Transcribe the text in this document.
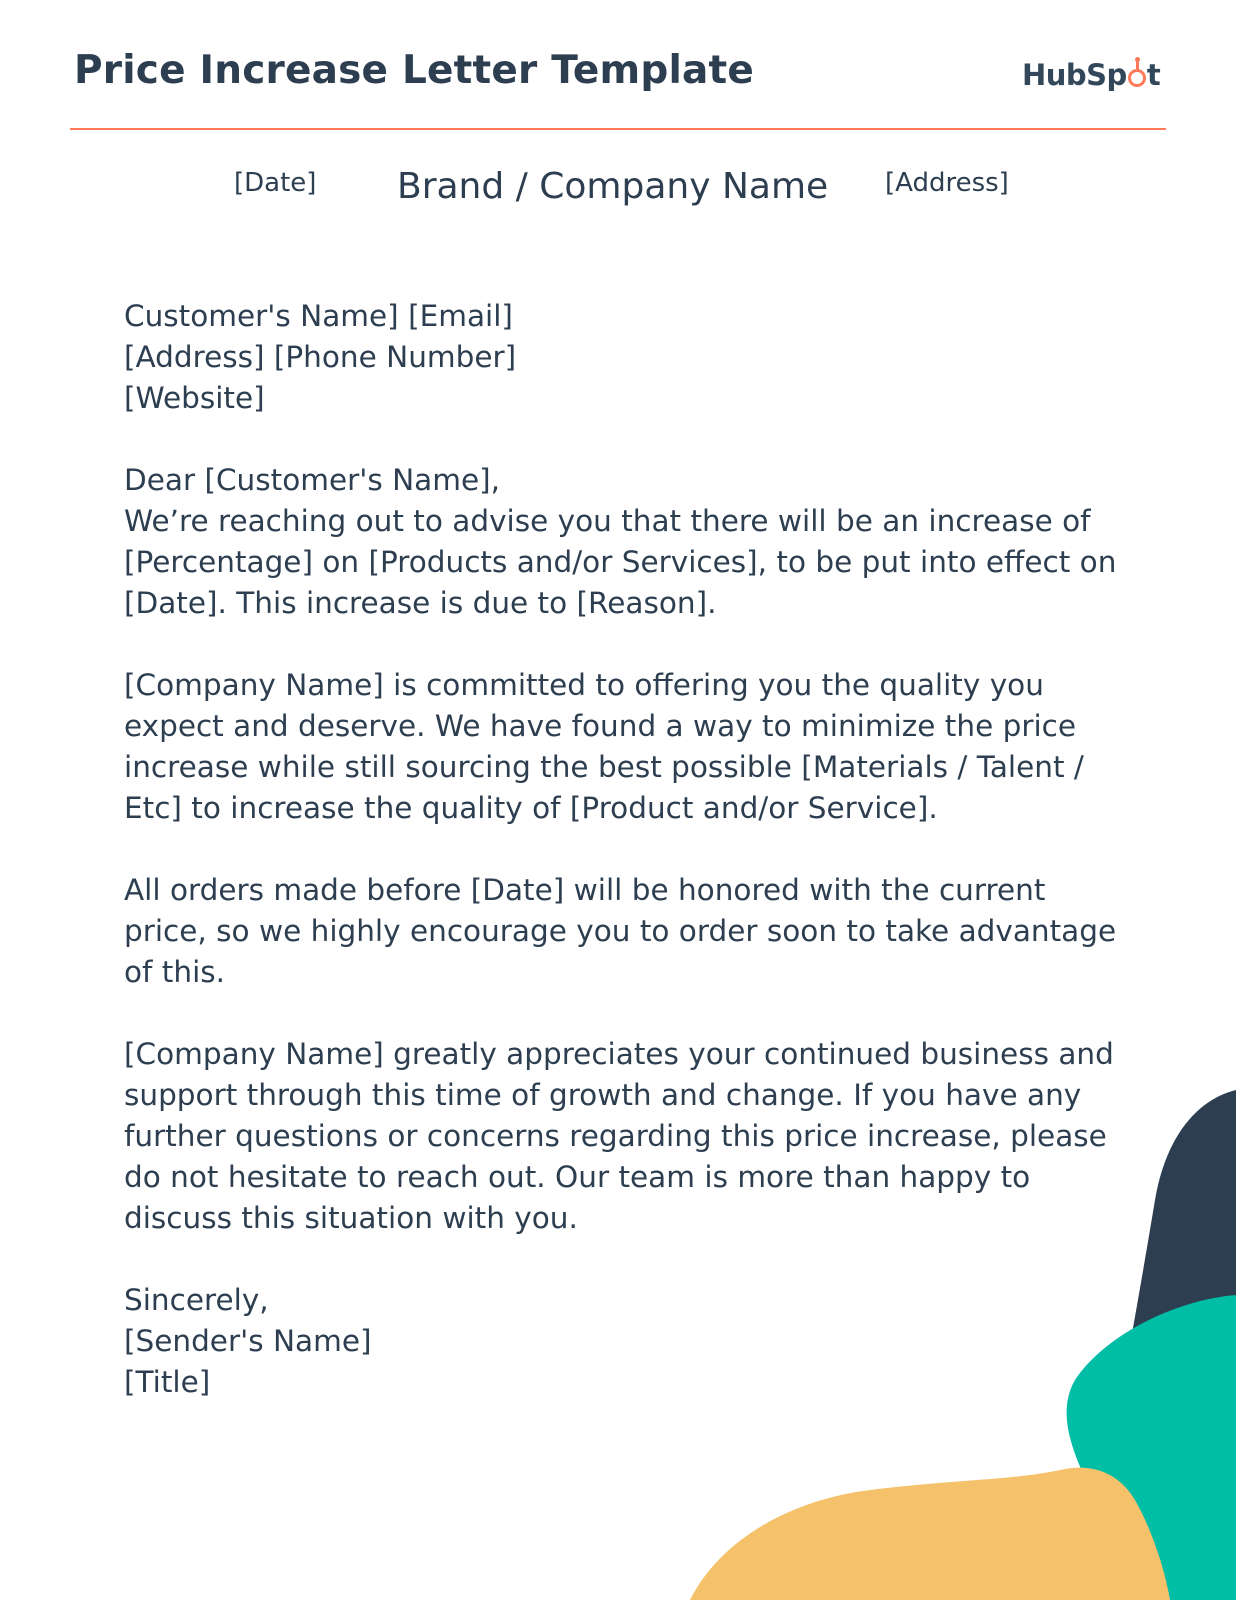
Price Increase Letter Template	HubSp t
[Date] Brand / Company Name [Address]

Customer's Name] [Email]

[Address] [Phone Number]

[Website]

Dear [Customer's Name],

We’re reaching out to advise you that there will be an increase of [Percentage] on [Products and/or Services], to be put into effect on [Date]. This increase is due to [Reason].

[Company Name] is committed to offering you the quality you expect and deserve. We have found a way to minimize the price increase while still sourcing the best possible [Materials / Talent / Etc] to increase the quality of [Product and/or Service].

All orders made before [Date] will be honored with the current price, so we highly encourage you to order soon to take advantage of this.

[Company Name] greatly appreciates your continued business and support through this time of growth and change. If you have any further questions or concerns regarding this price increase, please do not hesitate to reach out. Our team is more than happy to discuss this situation with you.

Sincerely,

[Sender's Name]

[Title]
